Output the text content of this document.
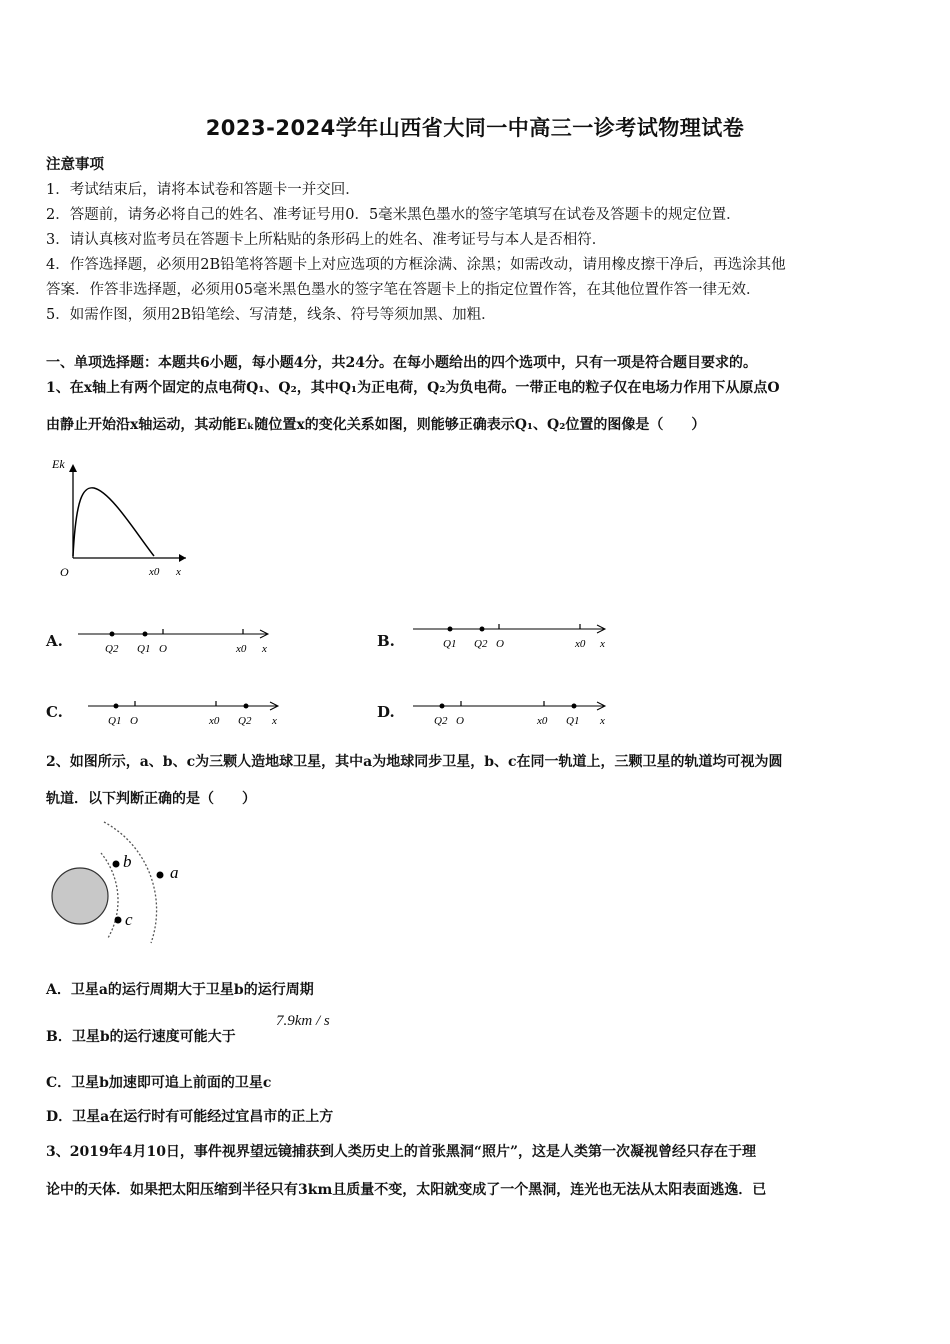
2023-2024学年山西省大同一中高三一诊考试物理试卷
注意事项
1．考试结束后，请将本试卷和答题卡一并交回．
2．答题前，请务必将自己的姓名、准考证号用0．5毫米黑色墨水的签字笔填写在试卷及答题卡的规定位置．
3．请认真核对监考员在答题卡上所粘贴的条形码上的姓名、准考证号与本人是否相符．
4．作答选择题，必须用2B铅笔将答题卡上对应选项的方框涂满、涂黑；如需改动，请用橡皮擦干净后，再选涂其他
答案．作答非选择题，必须用05毫米黑色墨水的签字笔在答题卡上的指定位置作答，在其他位置作答一律无效．
5．如需作图，须用2B铅笔绘、写清楚，线条、符号等须加黑、加粗．
一、单项选择题：本题共6小题，每小题4分，共24分。在每小题给出的四个选项中，只有一项是符合题目要求的。
1、在x轴上有两个固定的点电荷Q₁、Q₂，其中Q₁为正电荷，Q₂为负电荷。一带正电的粒子仅在电场力作用下从原点O
由静止开始沿x轴运动，其动能Eₖ随位置x的变化关系如图，则能够正确表示Q₁、Q₂位置的图像是（　　）
Ek
O	x0 x
A.	Q2 Q1 O	x0 x	B.	Q1 Q2 O	x0 x
C.	Q1 O	x0 Q2 x	D.	Q2 O	x0 Q1 x
2、如图所示，a、b、c为三颗人造地球卫星，其中a为地球同步卫星，b、c在同一轨道上，三颗卫星的轨道均可视为圆
轨道．以下判断正确的是（　　）
b
c
a
A．卫星a的运行周期大于卫星b的运行周期
B．卫星b的运行速度可能大于
7.9km / s
C．卫星b加速即可追上前面的卫星c
D．卫星a在运行时有可能经过宜昌市的正上方
3、2019年4月10日，事件视界望远镜捕获到人类历史上的首张黑洞“照片”，这是人类第一次凝视曾经只存在于理
论中的天体．如果把太阳压缩到半径只有3km且质量不变，太阳就变成了一个黑洞，连光也无法从太阳表面逃逸．已
